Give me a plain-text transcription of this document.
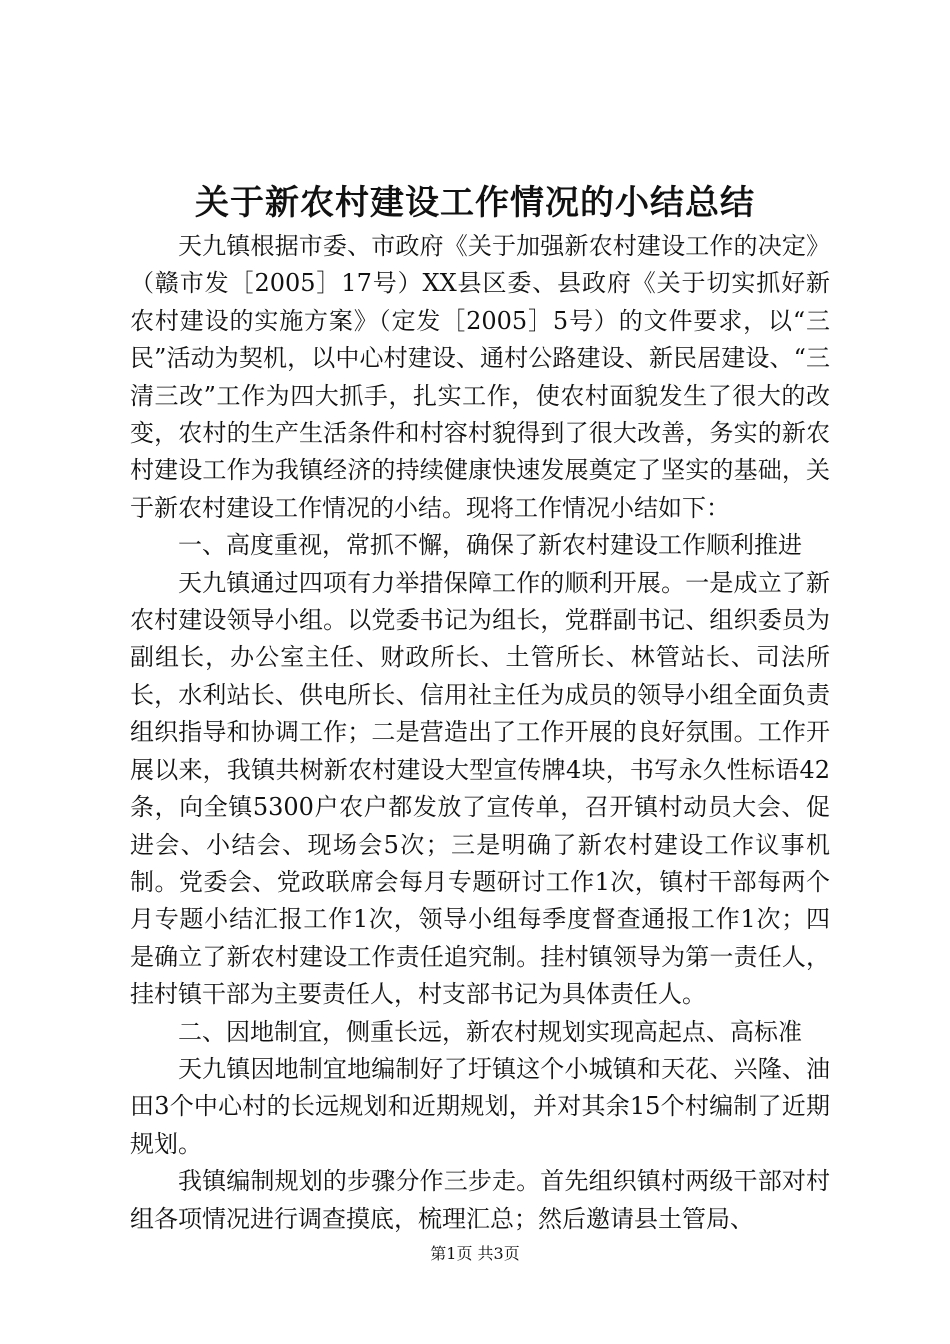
关于新农村建设工作情况的小结总结

天九镇根据市委、市政府《关于加强新农村建设工作的决定》（赣市发［2005］17号）XX县区委、县政府《关于切实抓好新农村建设的实施方案》（定发［2005］5号）的文件要求，以“三民”活动为契机，以中心村建设、通村公路建设、新民居建设、“三清三改”工作为四大抓手，扎实工作，使农村面貌发生了很大的改变，农村的生产生活条件和村容村貌得到了很大改善，务实的新农村建设工作为我镇经济的持续健康快速发展奠定了坚实的基础，关于新农村建设工作情况的小结。现将工作情况小结如下：

一、高度重视，常抓不懈，确保了新农村建设工作顺利推进

天九镇通过四项有力举措保障工作的顺利开展。一是成立了新农村建设领导小组。以党委书记为组长，党群副书记、组织委员为副组长，办公室主任、财政所长、土管所长、林管站长、司法所长，水利站长、供电所长、信用社主任为成员的领导小组全面负责组织指导和协调工作；二是营造出了工作开展的良好氛围。工作开展以来，我镇共树新农村建设大型宣传牌4块，书写永久性标语42条，向全镇5300户农户都发放了宣传单，召开镇村动员大会、促进会、小结会、现场会5次；三是明确了新农村建设工作议事机制。党委会、党政联席会每月专题研讨工作1次，镇村干部每两个月专题小结汇报工作1次，领导小组每季度督查通报工作1次；四是确立了新农村建设工作责任追究制。挂村镇领导为第一责任人，挂村镇干部为主要责任人，村支部书记为具体责任人。

二、因地制宜，侧重长远，新农村规划实现高起点、高标准

天九镇因地制宜地编制好了圩镇这个小城镇和天花、兴隆、油田3个中心村的长远规划和近期规划，并对其余15个村编制了近期规划。

我镇编制规划的步骤分作三步走。首先组织镇村两级干部对村组各项情况进行调查摸底，梳理汇总；然后邀请县土管局、

第1页 共3页
